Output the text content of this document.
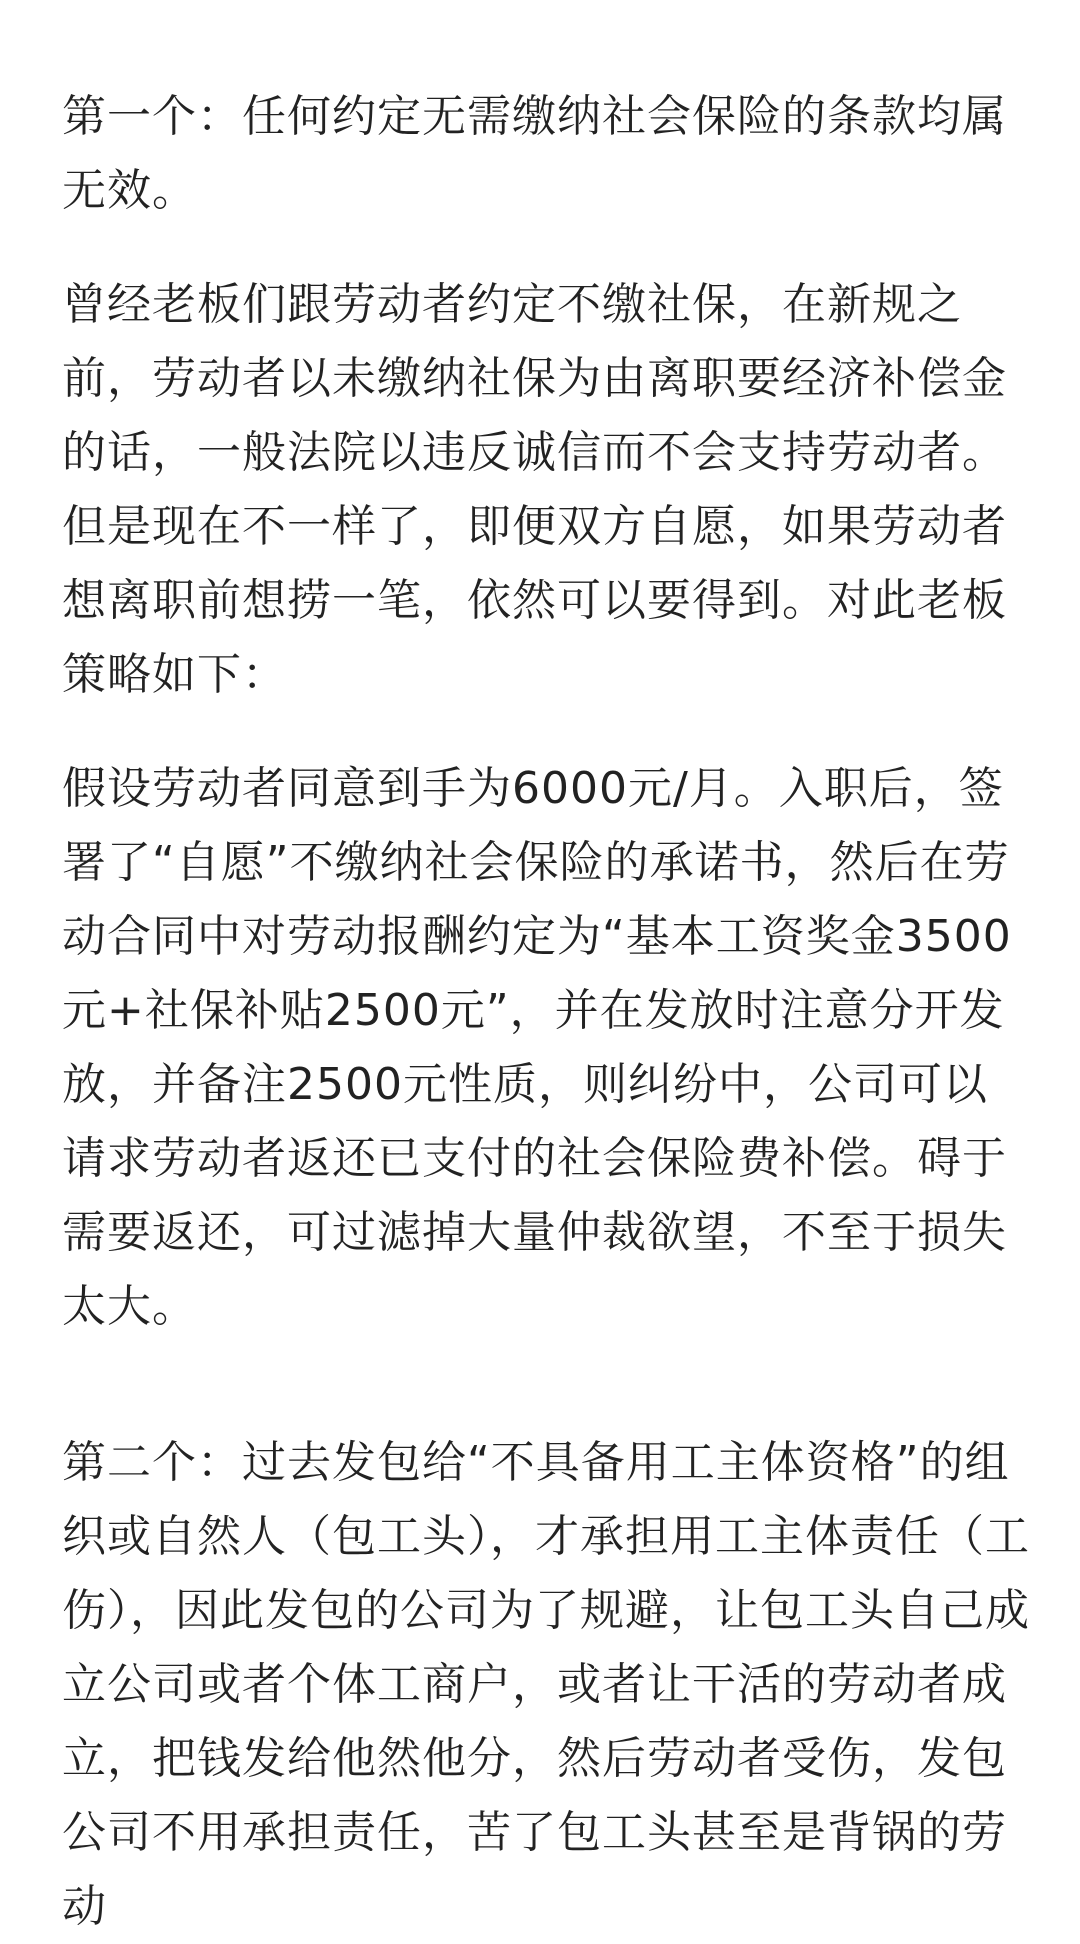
第一个：任何约定无需缴纳社会保险的条款均属无效。

曾经老板们跟劳动者约定不缴社保，在新规之前，劳动者以未缴纳社保为由离职要经济补偿金的话，一般法院以违反诚信而不会支持劳动者。但是现在不一样了，即便双方自愿，如果劳动者想离职前想捞一笔，依然可以要得到。对此老板策略如下：

假设劳动者同意到手为6000元/月。入职后，签署了“自愿”不缴纳社会保险的承诺书，然后在劳动合同中对劳动报酬约定为“基本工资奖金3500元+社保补贴2500元”，并在发放时注意分开发放，并备注2500元性质，则纠纷中，公司可以请求劳动者返还已支付的社会保险费补偿。碍于需要返还，可过滤掉大量仲裁欲望，不至于损失太大。

第二个：过去发包给“不具备用工主体资格”的组织或自然人（包工头），才承担用工主体责任（工伤），因此发包的公司为了规避，让包工头自己成立公司或者个体工商户，或者让干活的劳动者成立，把钱发给他然他分，然后劳动者受伤，发包公司不用承担责任，苦了包工头甚至是背锅的劳动
